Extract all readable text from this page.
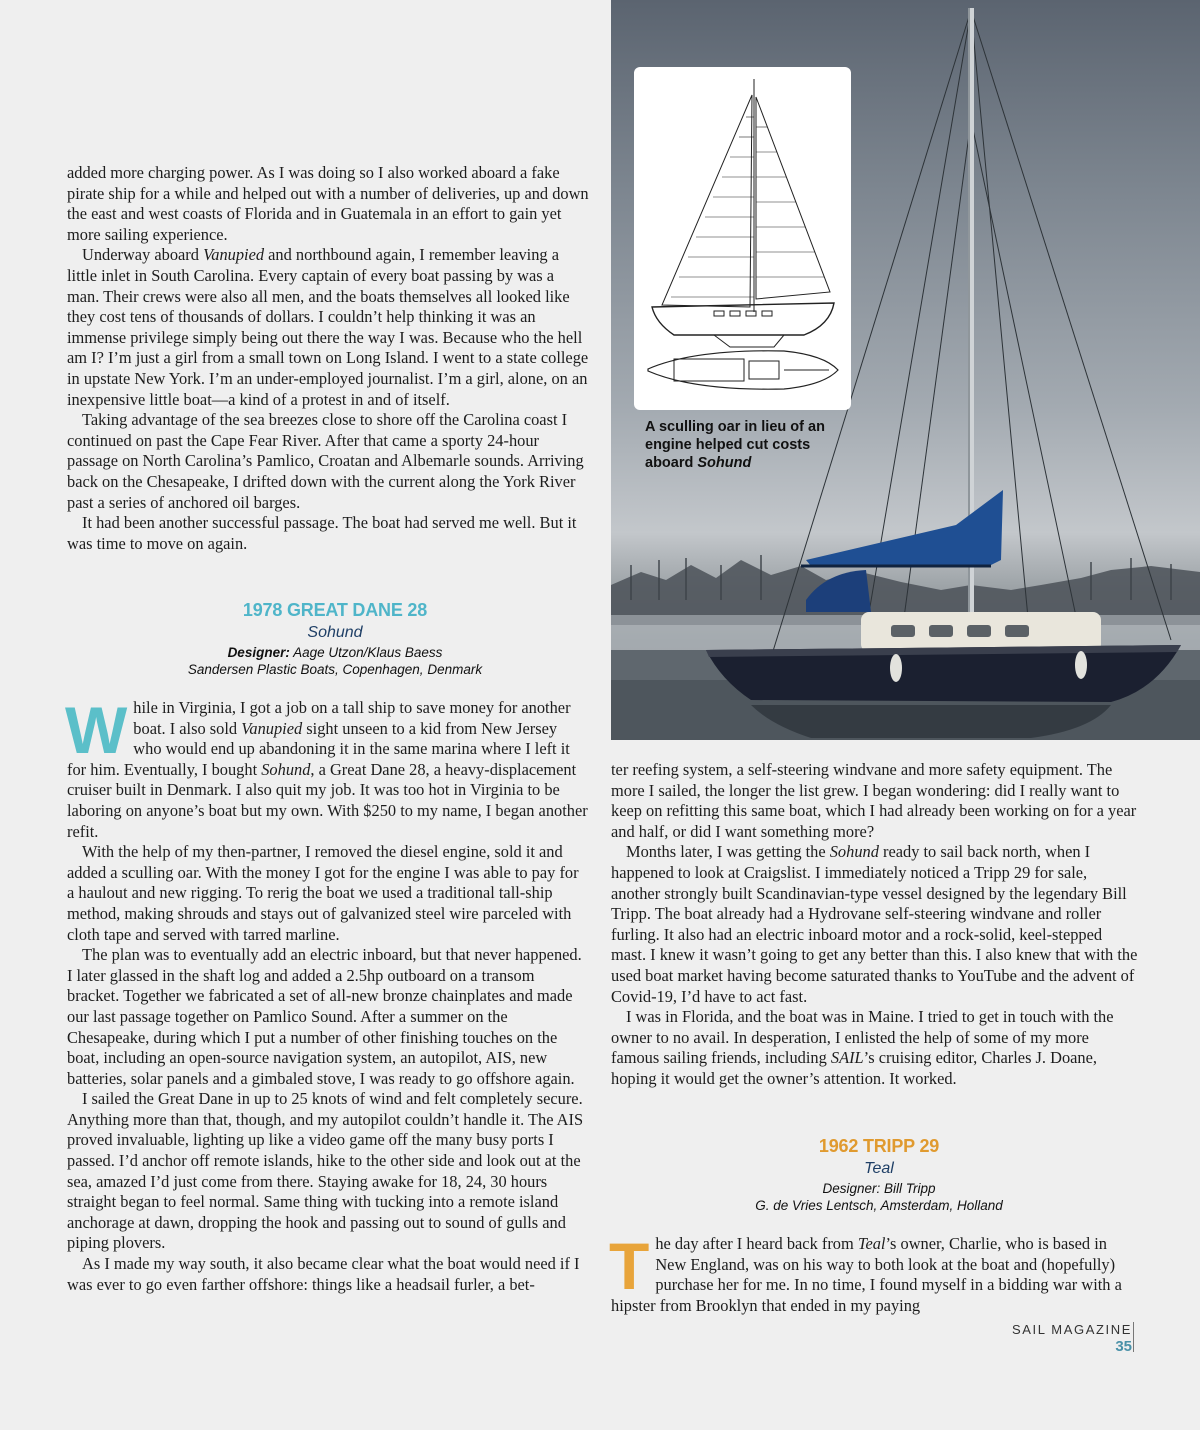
added more charging power. As I was doing so I also worked aboard a fake pirate ship for a while and helped out with a number of deliveries, up and down the east and west coasts of Florida and in Guatemala in an effort to gain yet more sailing experience.

Underway aboard Vanupied and northbound again, I remember leaving a little inlet in South Carolina. Every captain of every boat passing by was a man. Their crews were also all men, and the boats themselves all looked like they cost tens of thousands of dollars. I couldn’t help thinking it was an immense privilege simply being out there the way I was. Because who the hell am I? I’m just a girl from a small town on Long Island. I went to a state college in upstate New York. I’m an under-employed journalist. I’m a girl, alone, on an inexpensive little boat—a kind of a protest in and of itself.

Taking advantage of the sea breezes close to shore off the Carolina coast I continued on past the Cape Fear River. After that came a sporty 24-hour passage on North Carolina’s Pamlico, Croatan and Albemarle sounds. Arriving back on the Chesapeake, I drifted down with the current along the York River past a series of anchored oil barges.

It had been another successful passage. The boat had served me well. But it was time to move on again.

1978 GREAT DANE 28

Sohund

Designer: Aage Utzon/Klaus Baess

Sandersen Plastic Boats, Copenhagen, Denmark

While in Virginia, I got a job on a tall ship to save money for another boat. I also sold Vanupied sight unseen to a kid from New Jersey who would end up abandoning it in the same marina where I left it for him. Eventually, I bought Sohund, a Great Dane 28, a heavy-displacement cruiser built in Denmark. I also quit my job. It was too hot in Virginia to be laboring on anyone’s boat but my own. With $250 to my name, I began another refit.

With the help of my then-partner, I removed the diesel engine, sold it and added a sculling oar. With the money I got for the engine I was able to pay for a haulout and new rigging. To rerig the boat we used a traditional tall-ship method, making shrouds and stays out of galvanized steel wire parceled with cloth tape and served with tarred marline.

The plan was to eventually add an electric inboard, but that never happened. I later glassed in the shaft log and added a 2.5hp outboard on a transom bracket. Together we fabricated a set of all-new bronze chainplates and made our last passage together on Pamlico Sound. After a summer on the Chesapeake, during which I put a number of other finishing touches on the boat, including an open-source navigation system, an autopilot, AIS, new batteries, solar panels and a gimbaled stove, I was ready to go offshore again.

I sailed the Great Dane in up to 25 knots of wind and felt completely secure. Anything more than that, though, and my autopilot couldn’t handle it. The AIS proved invaluable, lighting up like a video game off the many busy ports I passed. I’d anchor off remote islands, hike to the other side and look out at the sea, amazed I’d just come from there. Staying awake for 18, 24, 30 hours straight began to feel normal. Same thing with tucking into a remote island anchorage at dawn, dropping the hook and passing out to sound of gulls and piping plovers.

As I made my way south, it also became clear what the boat would need if I was ever to go even farther offshore: things like a headsail furler, a bet-

A sculling oar in lieu of an engine helped cut costs aboard Sohund

ter reefing system, a self-steering windvane and more safety equipment. The more I sailed, the longer the list grew. I began wondering: did I really want to keep on refitting this same boat, which I had already been working on for a year and half, or did I want something more?

Months later, I was getting the Sohund ready to sail back north, when I happened to look at Craigslist. I immediately noticed a Tripp 29 for sale, another strongly built Scandinavian-type vessel designed by the legendary Bill Tripp. The boat already had a Hydrovane self-steering windvane and roller furling. It also had an electric inboard motor and a rock-solid, keel-stepped mast. I knew it wasn’t going to get any better than this. I also knew that with the used boat market having become saturated thanks to YouTube and the advent of Covid-19, I’d have to act fast.

I was in Florida, and the boat was in Maine. I tried to get in touch with the owner to no avail. In desperation, I enlisted the help of some of my more famous sailing friends, including SAIL’s cruising editor, Charles J. Doane, hoping it would get the owner’s attention. It worked.

1962 TRIPP 29

Teal

Designer: Bill Tripp

G. de Vries Lentsch, Amsterdam, Holland

The day after I heard back from Teal’s owner, Charlie, who is based in New England, was on his way to both look at the boat and (hopefully) purchase her for me. In no time, I found myself in a bidding war with a hipster from Brooklyn that ended in my paying

SAIL MAGAZINE
35
